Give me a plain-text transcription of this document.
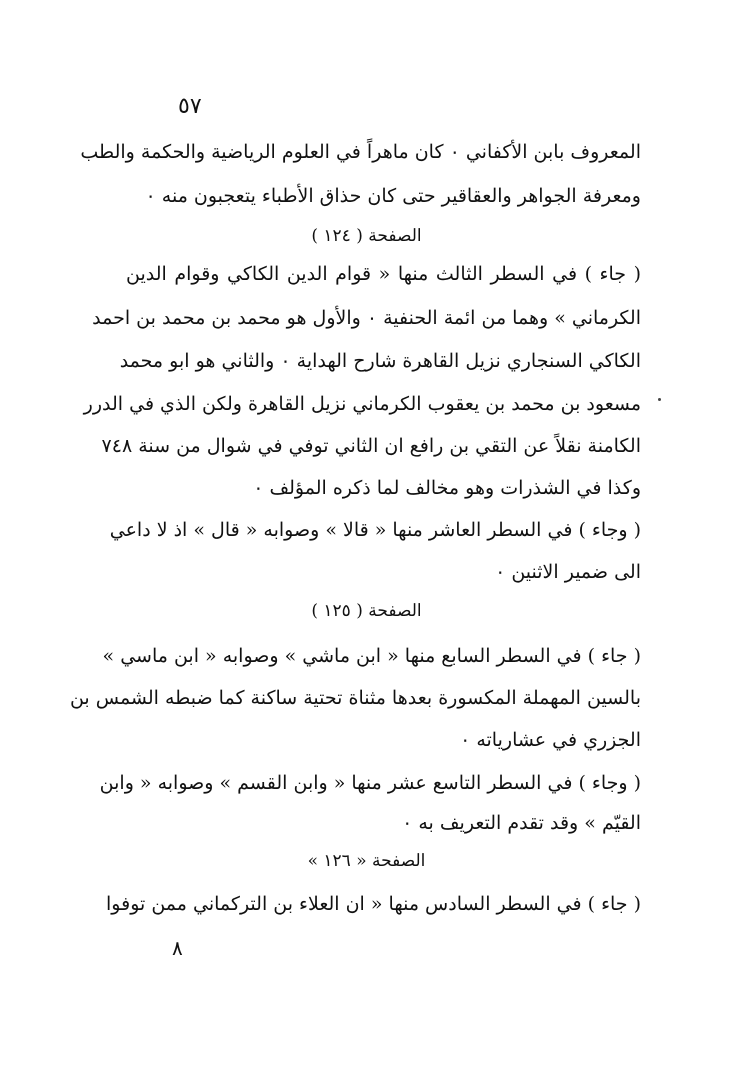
٥٧
المعروف بابن الأكفاني ٠ كان ماهراً في العلوم الرياضية والحكمة والطب
ومعرفة الجواهر والعقاقير حتى كان حذاق الأطباء يتعجبون منه ٠
الصفحة ( ١٢٤ )
( جاء ) في السطر الثالث منها « قوام الدين الكاكي وقوام الدين
الكرماني » وهما من ائمة الحنفية ٠ والأول هو محمد بن محمد بن احمد
الكاكي السنجاري نزيل القاهرة شارح الهداية ٠ والثاني هو ابو محمد
مسعود بن محمد بن يعقوب الكرماني نزيل القاهرة ولكن الذي في الدرر
الكامنة نقلاً عن التقي بن رافع ان الثاني توفي في شوال من سنة ٧٤٨
وكذا في الشذرات وهو مخالف لما ذكره المؤلف ٠
( وجاء ) في السطر العاشر منها « قالا » وصوابه « قال » اذ لا داعي
الى ضمير الاثنين ٠
الصفحة ( ١٢٥ )
( جاء ) في السطر السابع منها « ابن ماشي » وصوابه « ابن ماسي »
بالسين المهملة المكسورة بعدها مثناة تحتية ساكنة كما ضبطه الشمس بن
الجزري في عشارياته ٠
( وجاء ) في السطر التاسع عشر منها « وابن القسم » وصوابه « وابن
القيّم » وقد تقدم التعريف به ٠
الصفحة « ١٢٦ »
( جاء ) في السطر السادس منها « ان العلاء بن التركماني ممن توفوا
٨
